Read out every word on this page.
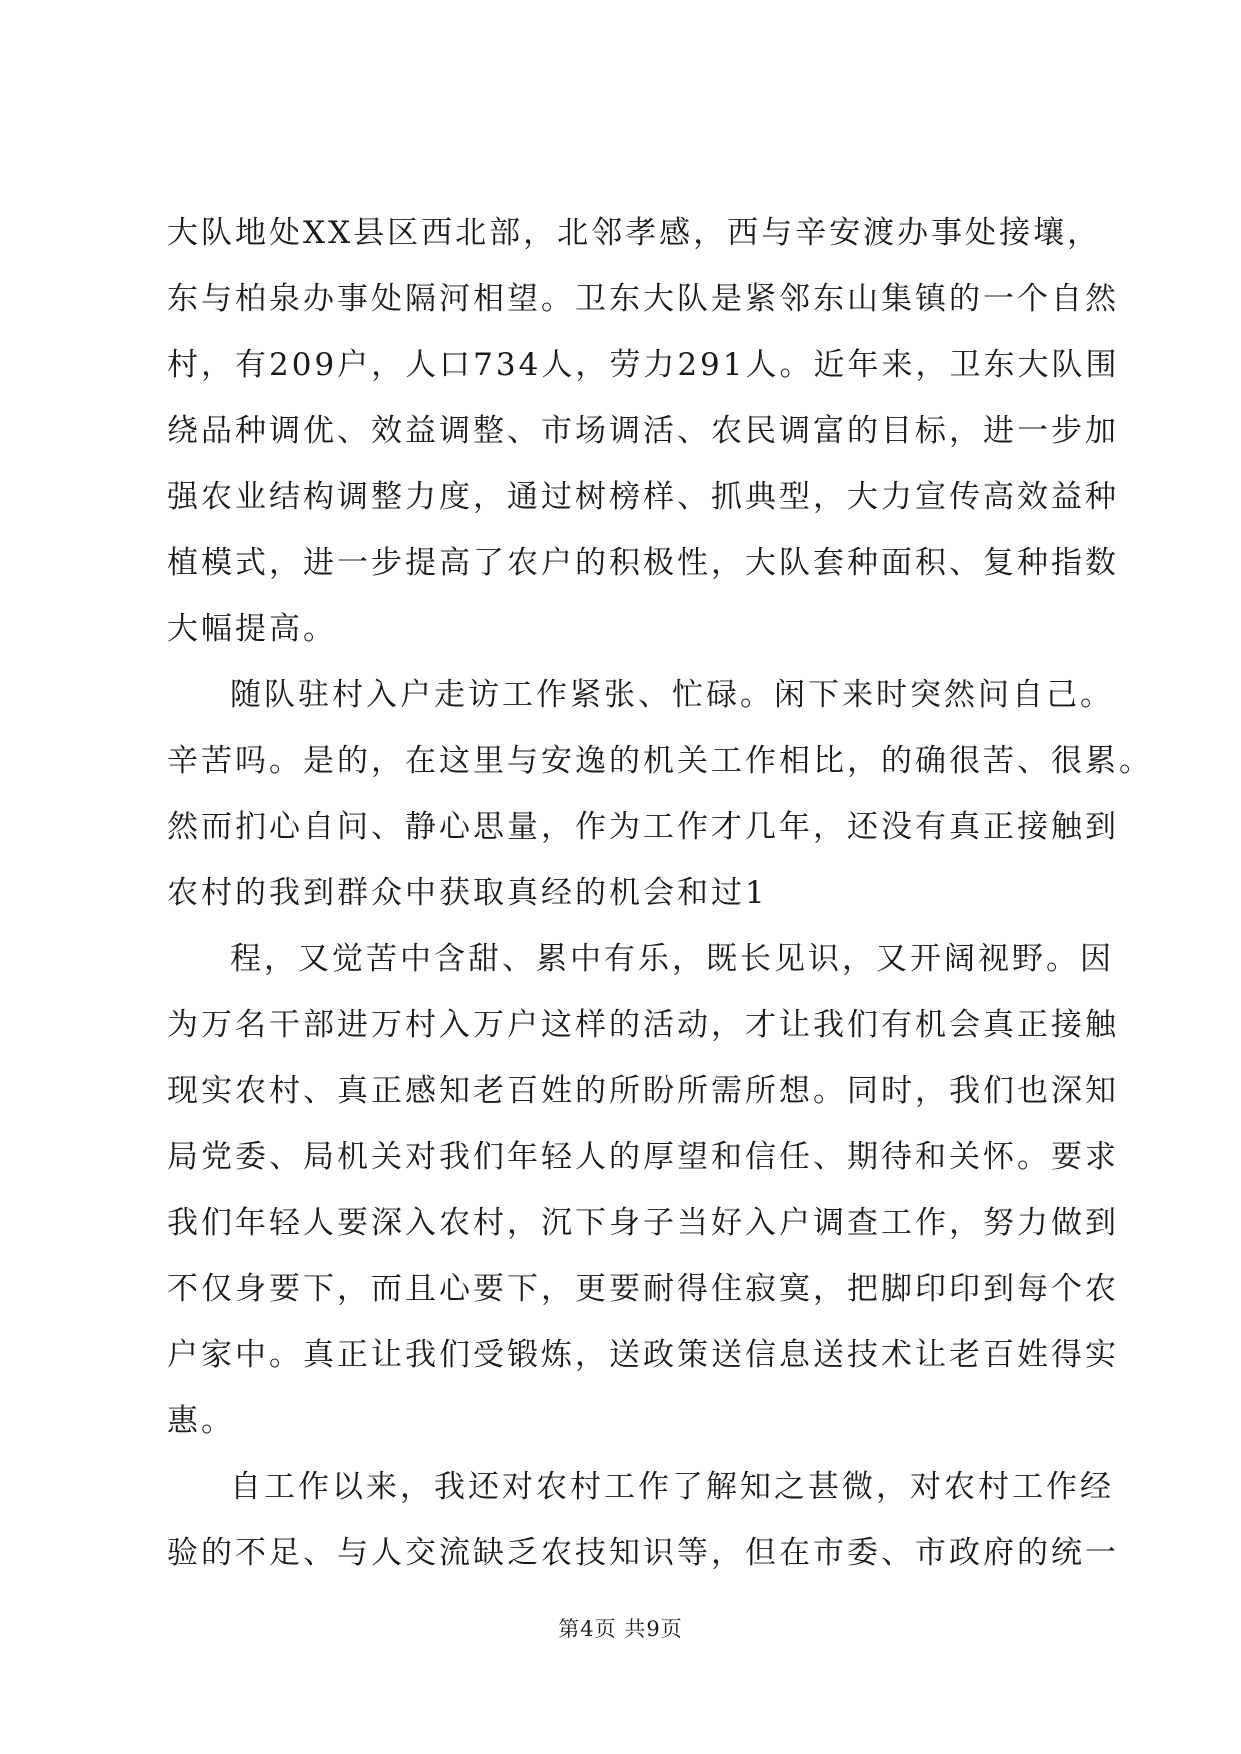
大队地处XX县区西北部，北邻孝感，西与辛安渡办事处接壤，
东与柏泉办事处隔河相望。卫东大队是紧邻东山集镇的一个自然
村，有209户，人口734人，劳力291人。近年来，卫东大队围
绕品种调优、效益调整、市场调活、农民调富的目标，进一步加
强农业结构调整力度，通过树榜样、抓典型，大力宣传高效益种
植模式，进一步提高了农户的积极性，大队套种面积、复种指数
大幅提高。
随队驻村入户走访工作紧张、忙碌。闲下来时突然问自己。
辛苦吗。是的，在这里与安逸的机关工作相比，的确很苦、很累。
然而扪心自问、静心思量，作为工作才几年，还没有真正接触到
农村的我到群众中获取真经的机会和过1
程，又觉苦中含甜、累中有乐，既长见识，又开阔视野。因
为万名干部进万村入万户这样的活动，才让我们有机会真正接触
现实农村、真正感知老百姓的所盼所需所想。同时，我们也深知
局党委、局机关对我们年轻人的厚望和信任、期待和关怀。要求
我们年轻人要深入农村，沉下身子当好入户调查工作，努力做到
不仅身要下，而且心要下，更要耐得住寂寞，把脚印印到每个农
户家中。真正让我们受锻炼，送政策送信息送技术让老百姓得实
惠。
自工作以来，我还对农村工作了解知之甚微，对农村工作经
验的不足、与人交流缺乏农技知识等，但在市委、市政府的统一
第4页 共9页
